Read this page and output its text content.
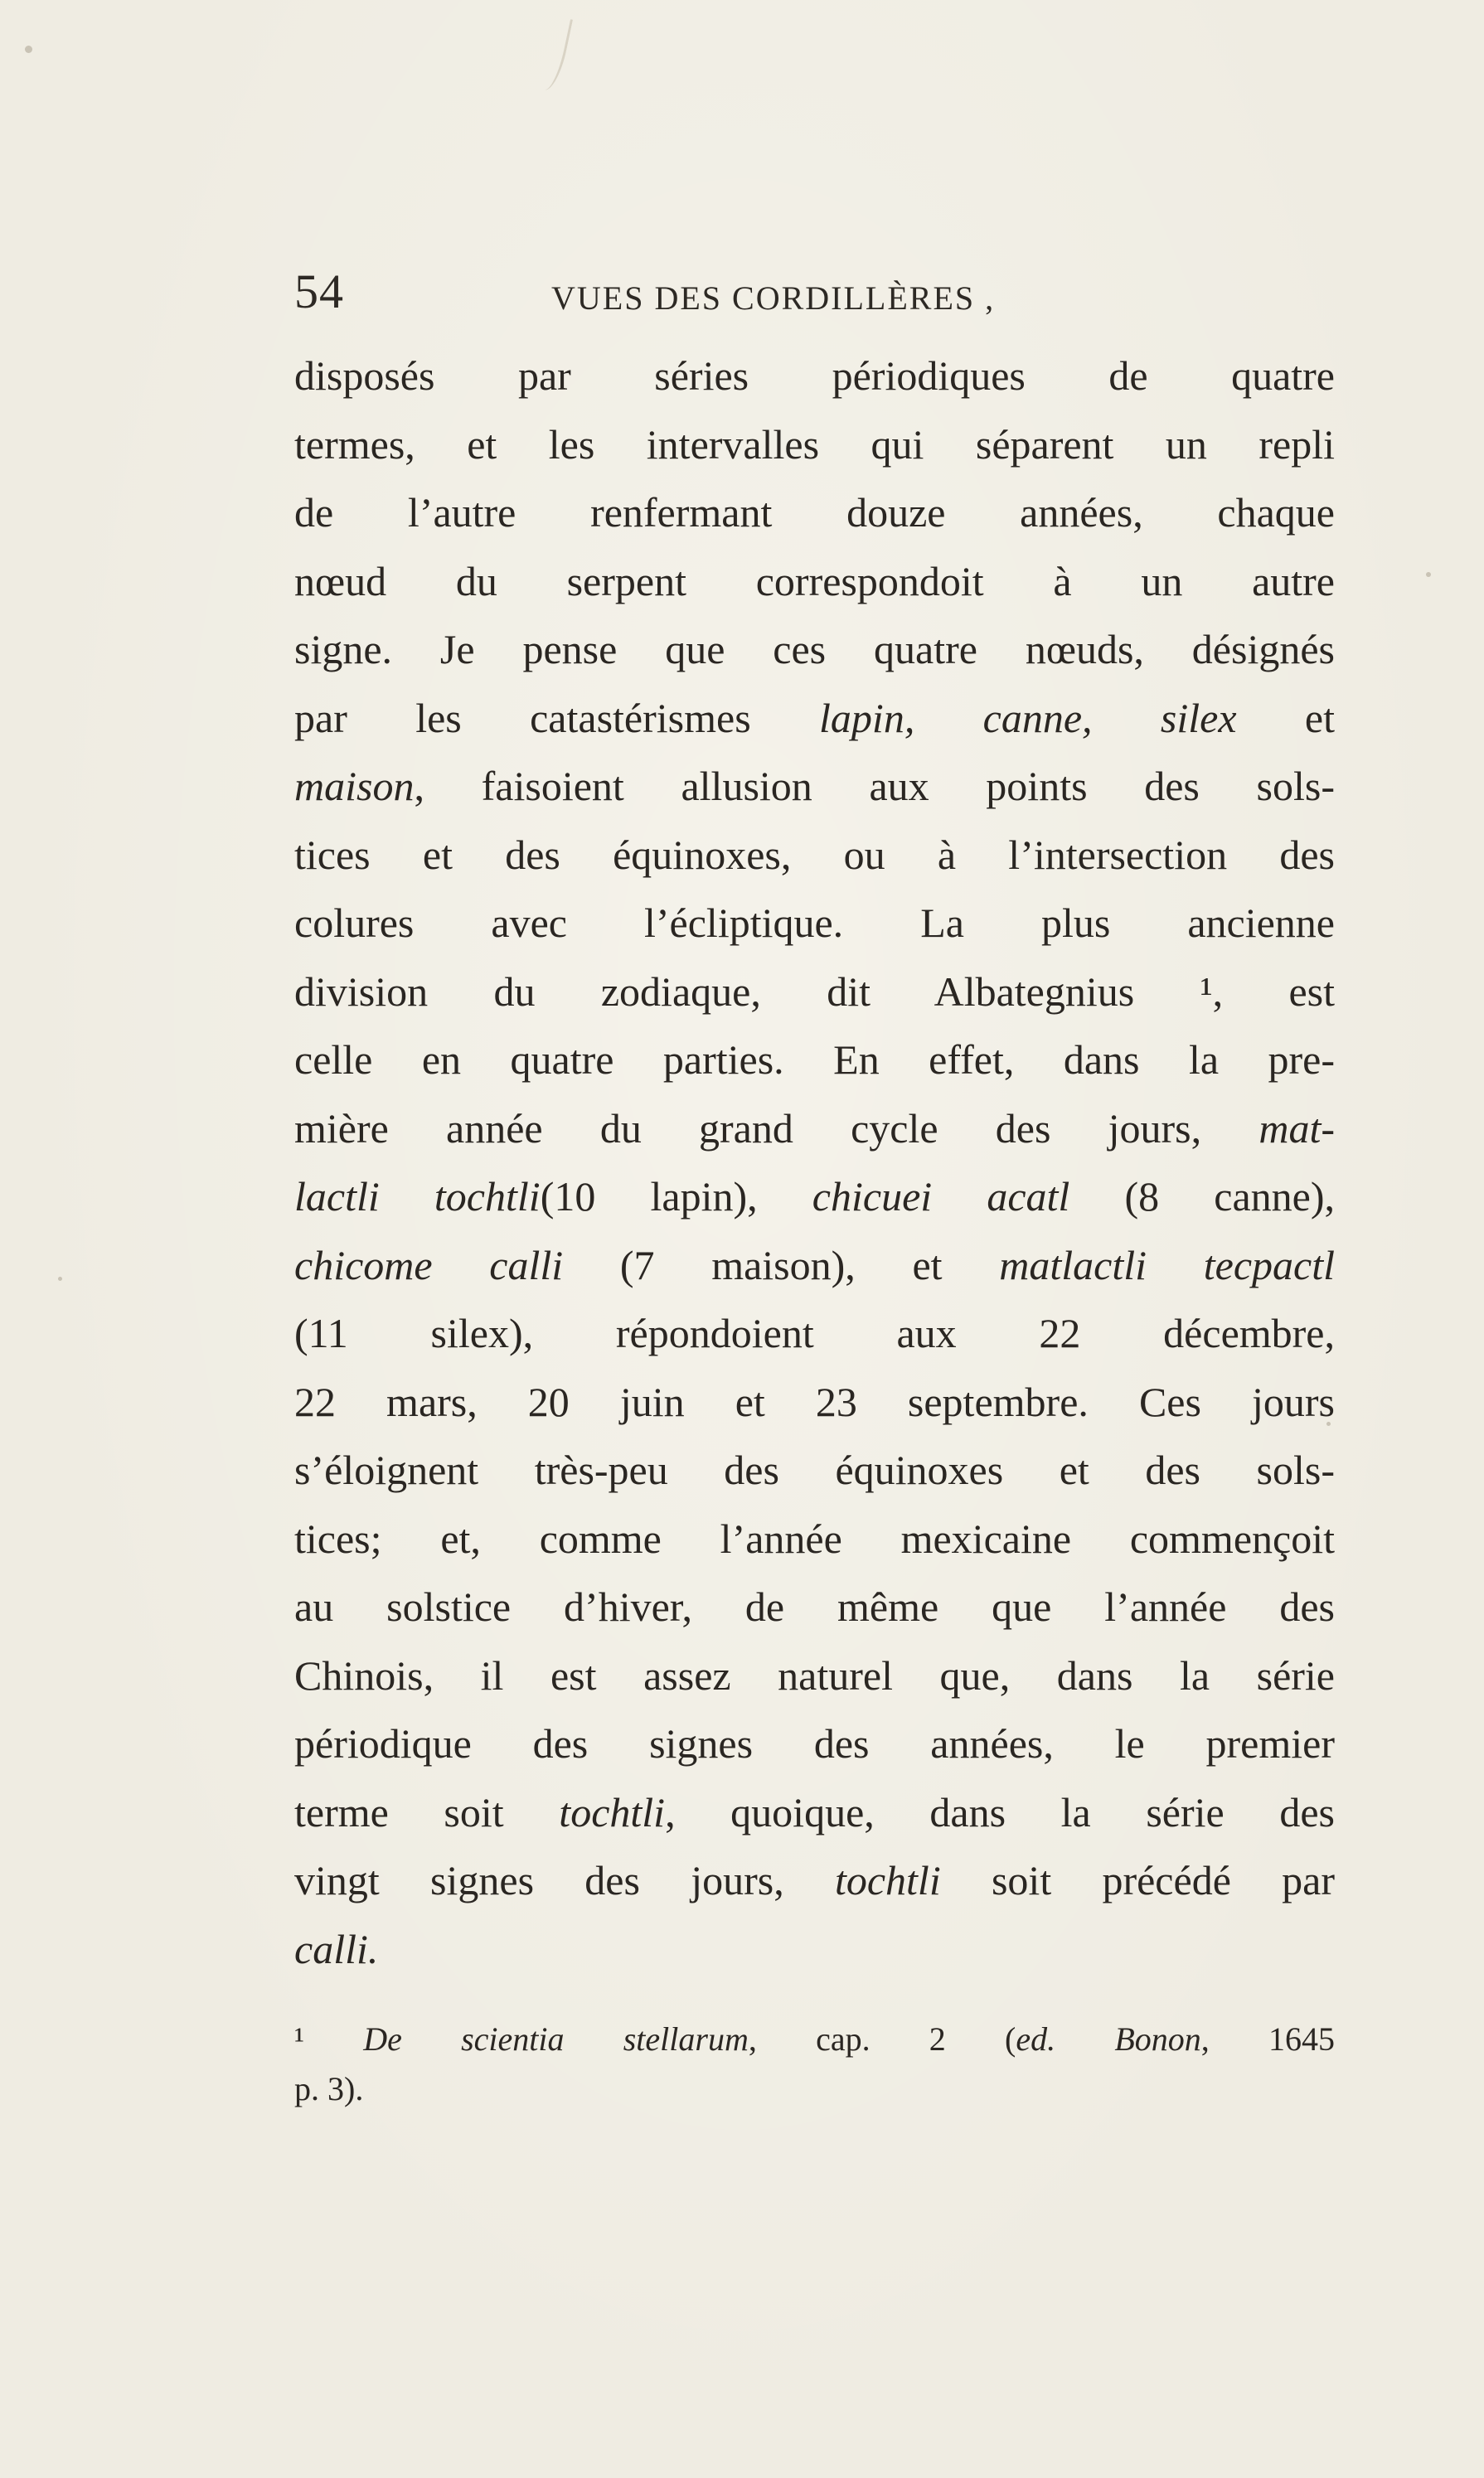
54	VUES DES CORDILLÈRES ,
disposés par séries périodiques de quatre
termes, et les intervalles qui séparent un repli
de l’autre renfermant douze années, chaque
nœud du serpent correspondoit à un autre
signe. Je pense que ces quatre nœuds, désignés
par les catastérismes lapin, canne, silex et
maison, faisoient allusion aux points des sols-
tices et des équinoxes, ou à l’intersection des
colures avec l’écliptique. La plus ancienne
division du zodiaque, dit Albategnius ¹, est
celle en quatre parties. En effet, dans la pre-
mière année du grand cycle des jours, mat-
lactli tochtli(10 lapin), chicuei acatl (8 canne),
chicome calli (7 maison), et matlactli tecpactl
(11 silex), répondoient aux 22 décembre,
22 mars, 20 juin et 23 septembre. Ces jours
s’éloignent très-peu des équinoxes et des sols-
tices; et, comme l’année mexicaine commençoit
au solstice d’hiver, de même que l’année des
Chinois, il est assez naturel que, dans la série
périodique des signes des années, le premier
terme soit tochtli, quoique, dans la série des
vingt signes des jours, tochtli soit précédé par
calli.
¹ De scientia stellarum, cap. 2 (ed. Bonon, 1645
p. 3).
